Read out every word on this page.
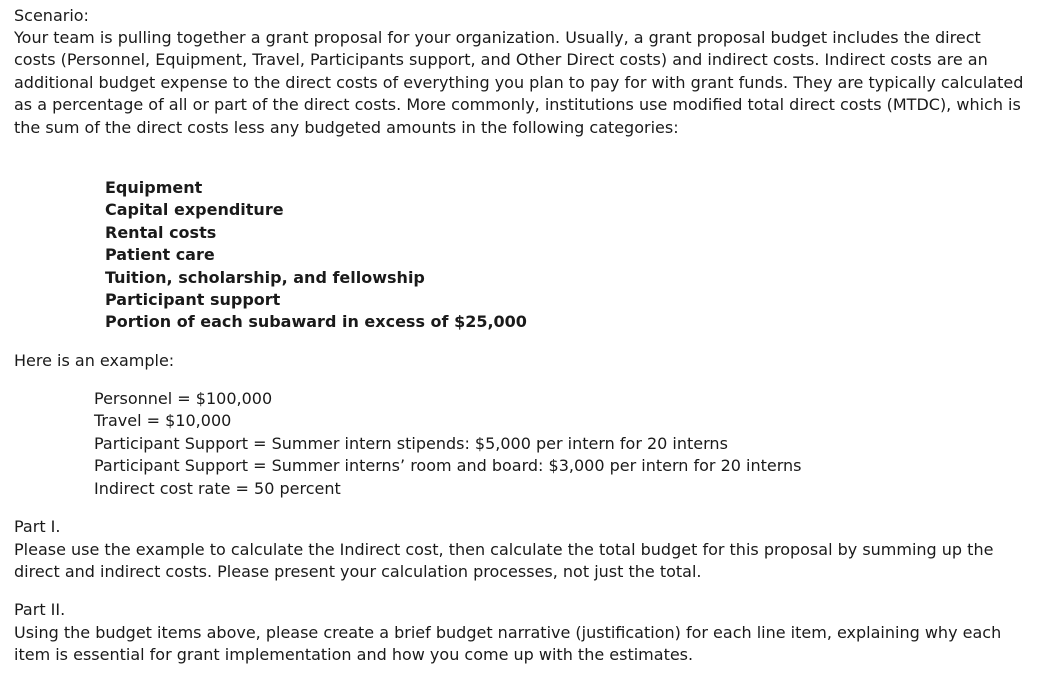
Scenario:

Your team is pulling together a grant proposal for your organization. Usually, a grant proposal budget includes the direct costs (Personnel, Equipment, Travel, Participants support, and Other Direct costs) and indirect costs. Indirect costs are an additional budget expense to the direct costs of everything you plan to pay for with grant funds. They are typically calculated as a percentage of all or part of the direct costs. More commonly, institutions use modified total direct costs (MTDC), which is the sum of the direct costs less any budgeted amounts in the following categories:

Equipment
Capital expenditure
Rental costs
Patient care
Tuition, scholarship, and fellowship
Participant support
Portion of each subaward in excess of $25,000

Here is an example:

Personnel = $100,000
Travel = $10,000
Participant Support = Summer intern stipends: $5,000 per intern for 20 interns
Participant Support = Summer interns’ room and board: $3,000 per intern for 20 interns
Indirect cost rate = 50 percent

Part I.

Please use the example to calculate the Indirect cost, then calculate the total budget for this proposal by summing up the direct and indirect costs. Please present your calculation processes, not just the total.

Part II.

Using the budget items above, please create a brief budget narrative (justification) for each line item, explaining why each item is essential for grant implementation and how you come up with the estimates.
